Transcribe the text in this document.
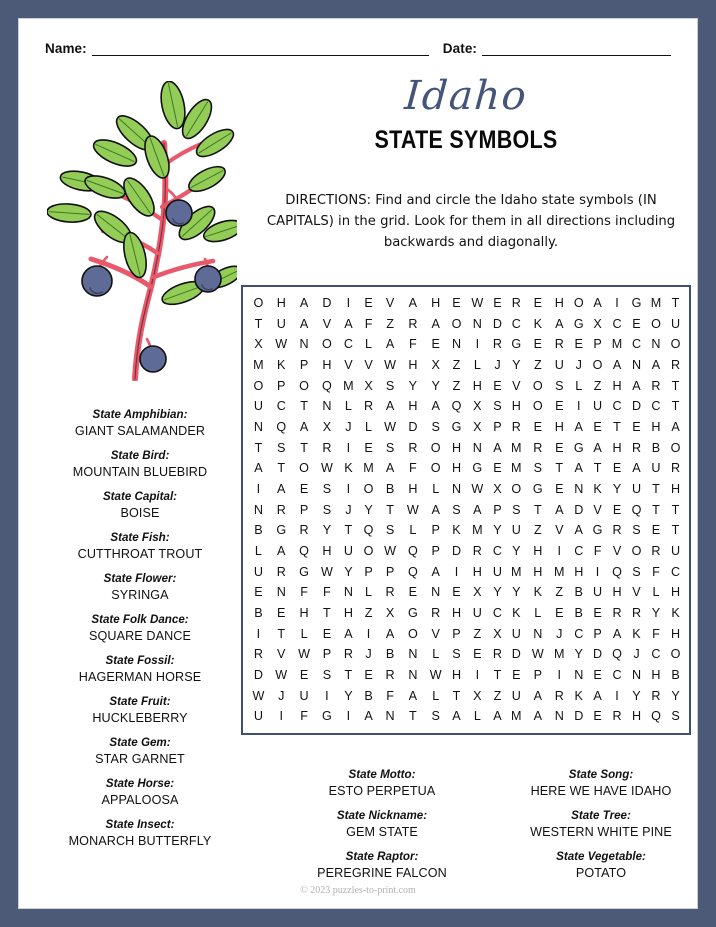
Name:	Date:
Idaho
STATE SYMBOLS
DIRECTIONS: Find and circle the Idaho state symbols (IN CAPITALS) in the grid. Look for them in all directions including backwards and diagonally.
O	H	A	D	I	E	V	A	H	E	W	E	R	E	H	O	A	I	G	M	T
T	U	A	V	A	F	Z	R	A	O	N	D	C	K	A	G	X	C	E	O	U
X	W	N	O	C	L	A	F	E	N	I	R	G	E	R	E	P	M	C	N	O
M	K	P	H	V	V	W	H	X	Z	L	J	Y	Z	U	J	O	A	N	A	R
O	P	O	Q	M	X	S	Y	Y	Z	H	E	V	O	S	L	Z	H	A	R	T
U	C	T	N	L	R	A	H	A	Q	X	S	H	O	E	I	U	C	D	C	T
N	Q	A	X	J	L	W	D	S	G	X	P	R	E	H	A	E	T	E	H	A
T	S	T	R	I	E	S	R	O	H	N	A	M	R	E	G	A	H	R	B	O
A	T	O	W	K	M	A	F	O	H	G	E	M	S	T	A	T	E	A	U	R
I	A	E	S	I	O	B	H	L	N	W	X	O	G	E	N	K	Y	U	T	H
N	R	P	S	J	Y	T	W	A	S	A	P	S	T	A	D	V	E	Q	T	T
B	G	R	Y	T	Q	S	L	P	K	M	Y	U	Z	V	A	G	R	S	E	T
L	A	Q	H	U	O	W	Q	P	D	R	C	Y	H	I	C	F	V	O	R	U
U	R	G	W	Y	P	P	Q	A	I	H	U	M	H	M	H	I	Q	S	F	C
E	N	F	F	N	L	R	E	N	E	X	Y	Y	K	Z	B	U	H	V	L	H
B	E	H	T	H	Z	X	G	R	H	U	C	K	L	E	B	E	R	R	Y	K
I	T	L	E	A	I	A	O	V	P	Z	X	U	N	J	C	P	A	K	F	H
R	V	W	P	R	J	B	N	L	S	E	R	D	W	M	Y	D	Q	J	C	O
D	W	E	S	T	E	R	N	W	H	I	T	E	P	I	N	E	C	N	H	B
W	J	U	I	Y	B	F	A	L	T	X	Z	U	A	R	K	A	I	Y	R	Y
U	I	F	G	I	A	N	T	S	A	L	A	M	A	N	D	E	R	H	Q	S
State Amphibian:
GIANT SALAMANDER
State Bird:
MOUNTAIN BLUEBIRD
State Capital:
BOISE
State Fish:
CUTTHROAT TROUT
State Flower:
SYRINGA
State Folk Dance:
SQUARE DANCE
State Fossil:
HAGERMAN HORSE
State Fruit:
HUCKLEBERRY
State Gem:
STAR GARNET
State Horse:
APPALOOSA
State Insect:
MONARCH BUTTERFLY
State Motto:
ESTO PERPETUA
State Nickname:
GEM STATE
State Raptor:
PEREGRINE FALCON
State Song:
HERE WE HAVE IDAHO
State Tree:
WESTERN WHITE PINE
State Vegetable:
POTATO
© 2023 puzzles-to-print.com
